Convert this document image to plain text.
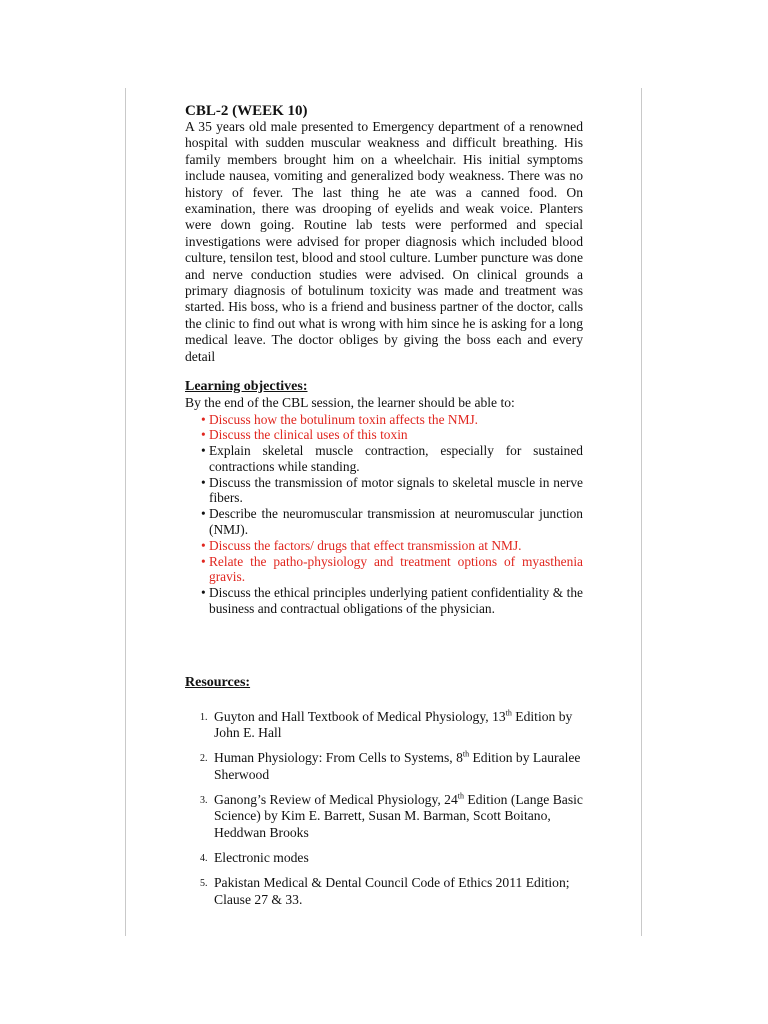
CBL-2 (WEEK 10)

A 35 years old male presented to Emergency department of a renowned hospital with sudden muscular weakness and difficult breathing. His family members brought him on a wheelchair. His initial symptoms include nausea, vomiting and generalized body weakness. There was no history of fever. The last thing he ate was a canned food. On examination, there was drooping of eyelids and weak voice. Planters were down going. Routine lab tests were performed and special investigations were advised for proper diagnosis which included blood culture, tensilon test, blood and stool culture. Lumber puncture was done and nerve conduction studies were advised. On clinical grounds a primary diagnosis of botulinum toxicity was made and treatment was started. His boss, who is a friend and business partner of the doctor, calls the clinic to find out what is wrong with him since he is asking for a long medical leave. The doctor obliges by giving the boss each and every detail

Learning objectives:

By the end of the CBL session, the learner should be able to:

• Discuss how the botulinum toxin affects the NMJ.
• Discuss the clinical uses of this toxin
• Explain skeletal muscle contraction, especially for sustained contractions while standing.
• Discuss the transmission of motor signals to skeletal muscle in nerve fibers.
• Describe the neuromuscular transmission at neuromuscular junction (NMJ).
• Discuss the factors/ drugs that effect transmission at NMJ.
• Relate the patho-physiology and treatment options of myasthenia gravis.
• Discuss the ethical principles underlying patient confidentiality & the business and contractual obligations of the physician.

Resources:

1. Guyton and Hall Textbook of Medical Physiology, 13th Edition by John E. Hall
2. Human Physiology: From Cells to Systems, 8th Edition by Lauralee Sherwood
3. Ganong’s Review of Medical Physiology, 24th Edition (Lange Basic Science) by Kim E. Barrett, Susan M. Barman, Scott Boitano, Heddwan Brooks
4. Electronic modes
5. Pakistan Medical & Dental Council Code of Ethics 2011 Edition; Clause 27 & 33.
